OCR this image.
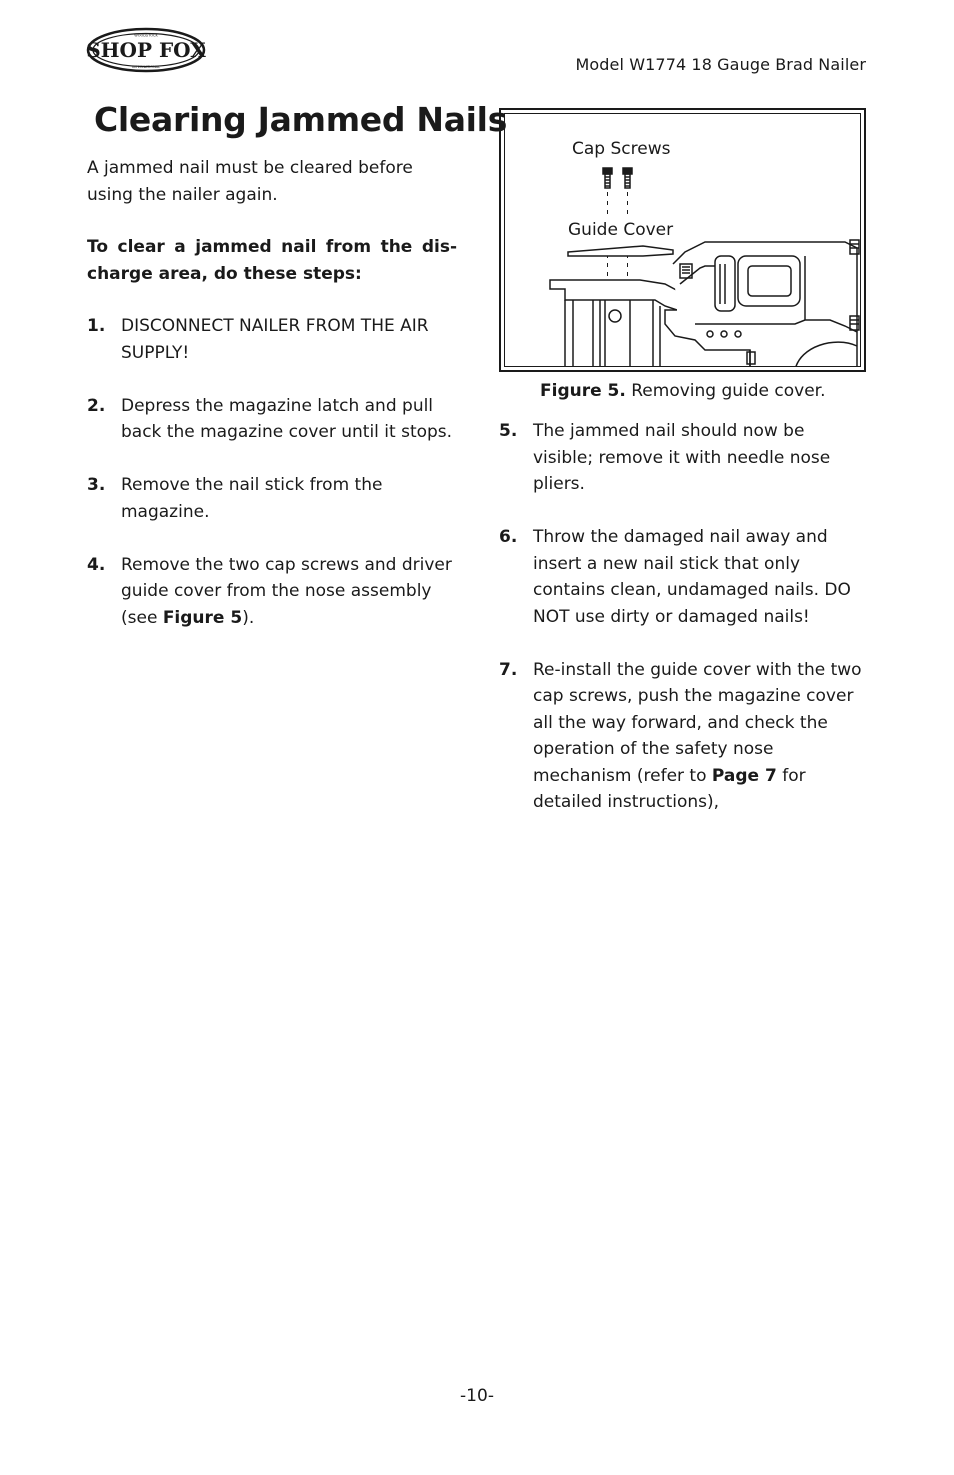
SHOP FOX
WOODSTOCK
INTERNATIONAL	Model W1774 18 Gauge Brad Nailer
Clearing Jammed Nails

A jammed nail must be cleared before using the nailer again.

To clear a jammed nail from the dis-charge area, do these steps:

1. DISCONNECT NAILER FROM THE AIR SUPPLY!
2. Depress the magazine latch and pull back the magazine cover until it stops.
3. Remove the nail stick from the magazine.
4. Remove the two cap screws and driver guide cover from the nose assembly (see Figure 5).
Cap Screws
Guide Cover
Figure 5. Removing guide cover.
5. The jammed nail should now be visible; remove it with needle nose pliers.
6. Throw the damaged nail away and insert a new nail stick that only contains clean, undamaged nails. DO NOT use dirty or damaged nails!
7. Re-install the guide cover with the two cap screws, push the magazine cover all the way forward, and check the operation of the safety nose mechanism (refer to Page 7 for detailed instructions),
-10-
